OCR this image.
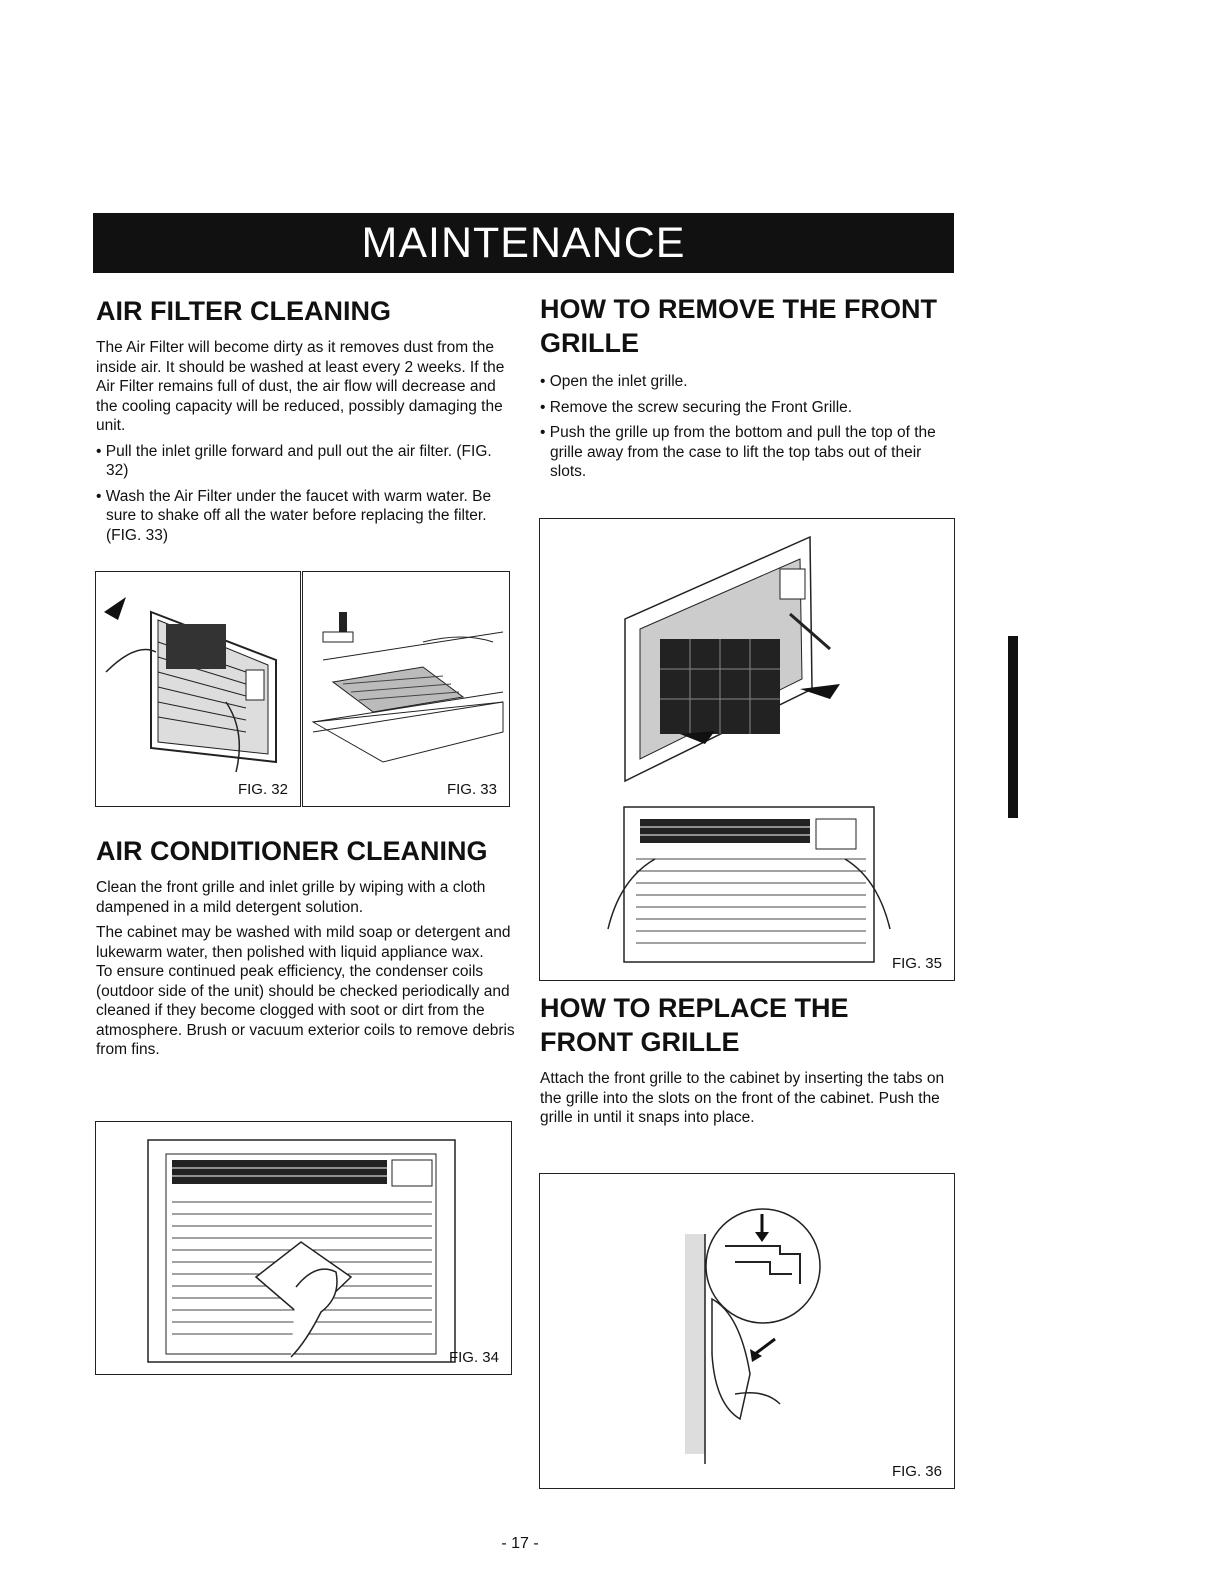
MAINTENANCE
AIR FILTER CLEANING

The Air Filter will become dirty as it removes dust from the inside air. It should be washed at least every 2 weeks. If the Air Filter remains full of dust, the air flow will decrease and the cooling capacity will be reduced, possibly damaging the unit.

• Pull the inlet grille forward and pull out the air filter. (FIG. 32)

• Wash the Air Filter under the faucet with warm water. Be sure to shake off all the water before replacing the filter. (FIG. 33)

FIG. 32	FIG. 33
AIR CONDITIONER CLEANING

Clean the front grille and inlet grille by wiping with a cloth dampened in a mild detergent solution.

The cabinet may be washed with mild soap or detergent and lukewarm water, then polished with liquid appliance wax.

To ensure continued peak efficiency, the condenser coils (outdoor side of the unit) should be checked periodically and cleaned if they become clogged with soot or dirt from the atmosphere. Brush or vacuum exterior coils to remove debris from fins.

FIG. 34
HOW TO REMOVE THE FRONT GRILLE

• Open the inlet grille.

• Remove the screw securing the Front Grille.

• Push the grille up from the bottom and pull the top of the grille away from the case to lift the top tabs out of their slots.

FIG. 35
HOW TO REPLACE THE FRONT GRILLE

Attach the front grille to the cabinet by inserting the tabs on the grille into the slots on the front of the cabinet. Push the grille in until it snaps into place.

FIG. 36
- 17 -
